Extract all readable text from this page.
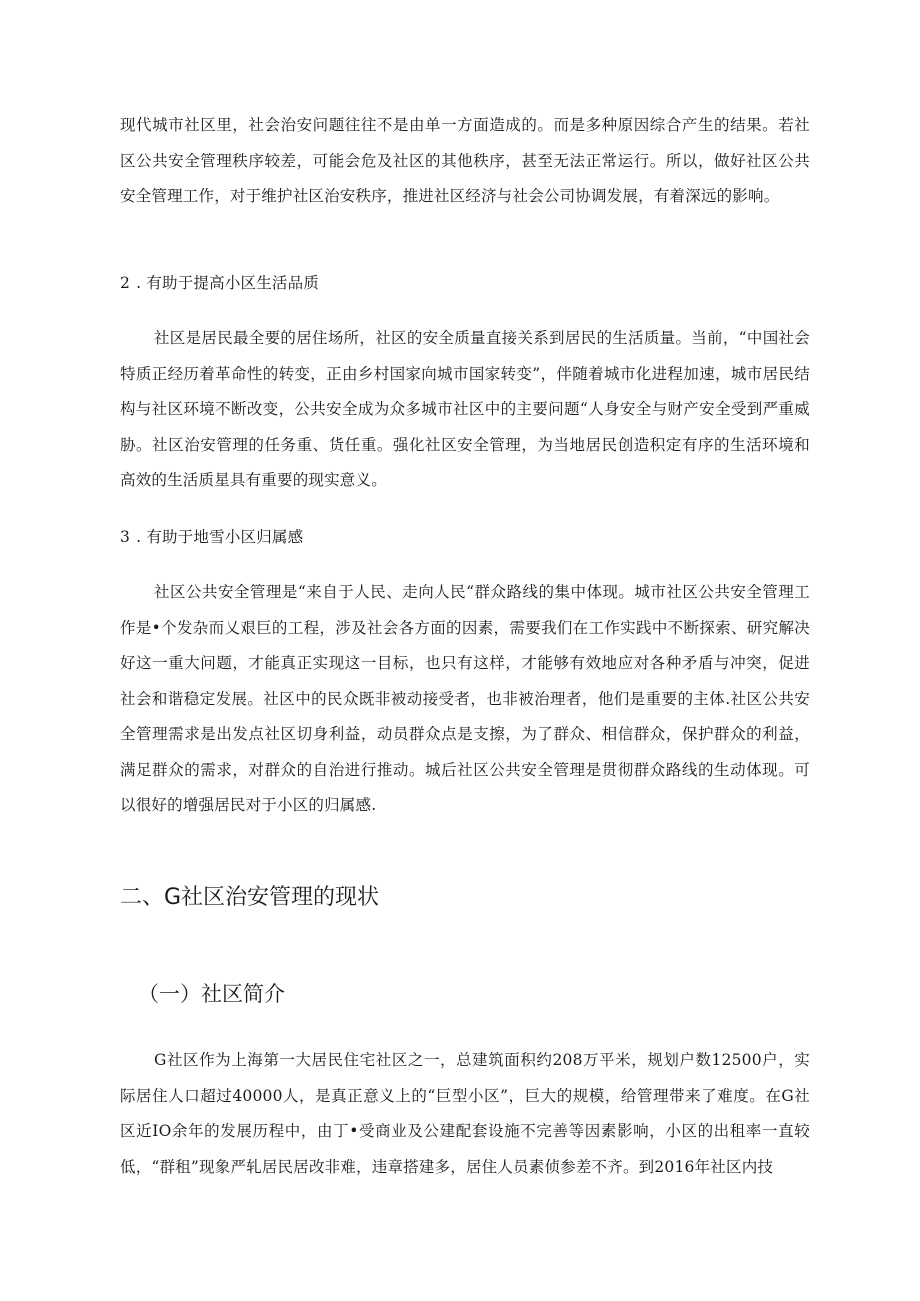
现代城市社区里，社会治安问题往往不是由单一方面造成的。而是多种原因综合产生的结果。若社区公共安全管理秩序较差，可能会危及社区的其他秩序，甚至无法正常运行。所以，做好社区公共安全管理工作，对于维护社区治安秩序，推进社区经济与社会公司协调发展，有着深远的影响。

2 . 有助于提高小区生活品质

社区是居民最全要的居住场所，社区的安全质量直接关系到居民的生活质量。当前，“中国社会特质正经历着革命性的转变，正由乡村国家向城市国家转变”，伴随着城市化进程加速，城市居民结构与社区环境不断改变，公共安全成为众多城市社区中的主要问题“人身安全与财产安全受到严重威胁。社区治安管理的任务重、货任重。强化社区安全管理，为当地居民创造积定有序的生活环境和高效的生活质星具有重要的现实意义。

3 . 有助于地雪小区归属感

社区公共安全管理是“来自于人民、走向人民“群众路线的集中体现。城市社区公共安全管理工作是•个发杂而乂艰巨的工程，涉及社会各方面的因素，需要我们在工作实践中不断探索、研究解决好这一重大问题，才能真正实现这一目标，也只有这样，才能够有效地应对各种矛盾与冲突，促进社会和谐稳定发展。社区中的民众既非被动接受者，也非被治理者，他们是重要的主体.社区公共安全管理需求是出发点社区切身利益，动员群众点是支擦，为了群众、相信群众，保护群众的利益，满足群众的需求，对群众的自治进行推动。城后社区公共安全管理是贯彻群众路线的生动体现。可以很好的增强居民对于小区的归属感.

二、G社区治安管理的现状
（一）社区简介

G社区作为上海第一大居民住宅社区之一，总建筑面积约208万平米，规划户数12500户，实际居住人口超过40000人，是真正意义上的“巨型小区”，巨大的规模，给管理带来了难度。在G社区近IO余年的发展历程中，由丁•受商业及公建配套设施不完善等因素影响，小区的出租率一直较低，“群租”现象严轧居民居改非难，违章搭建多，居住人员素侦参差不齐。到2016年社区内技
